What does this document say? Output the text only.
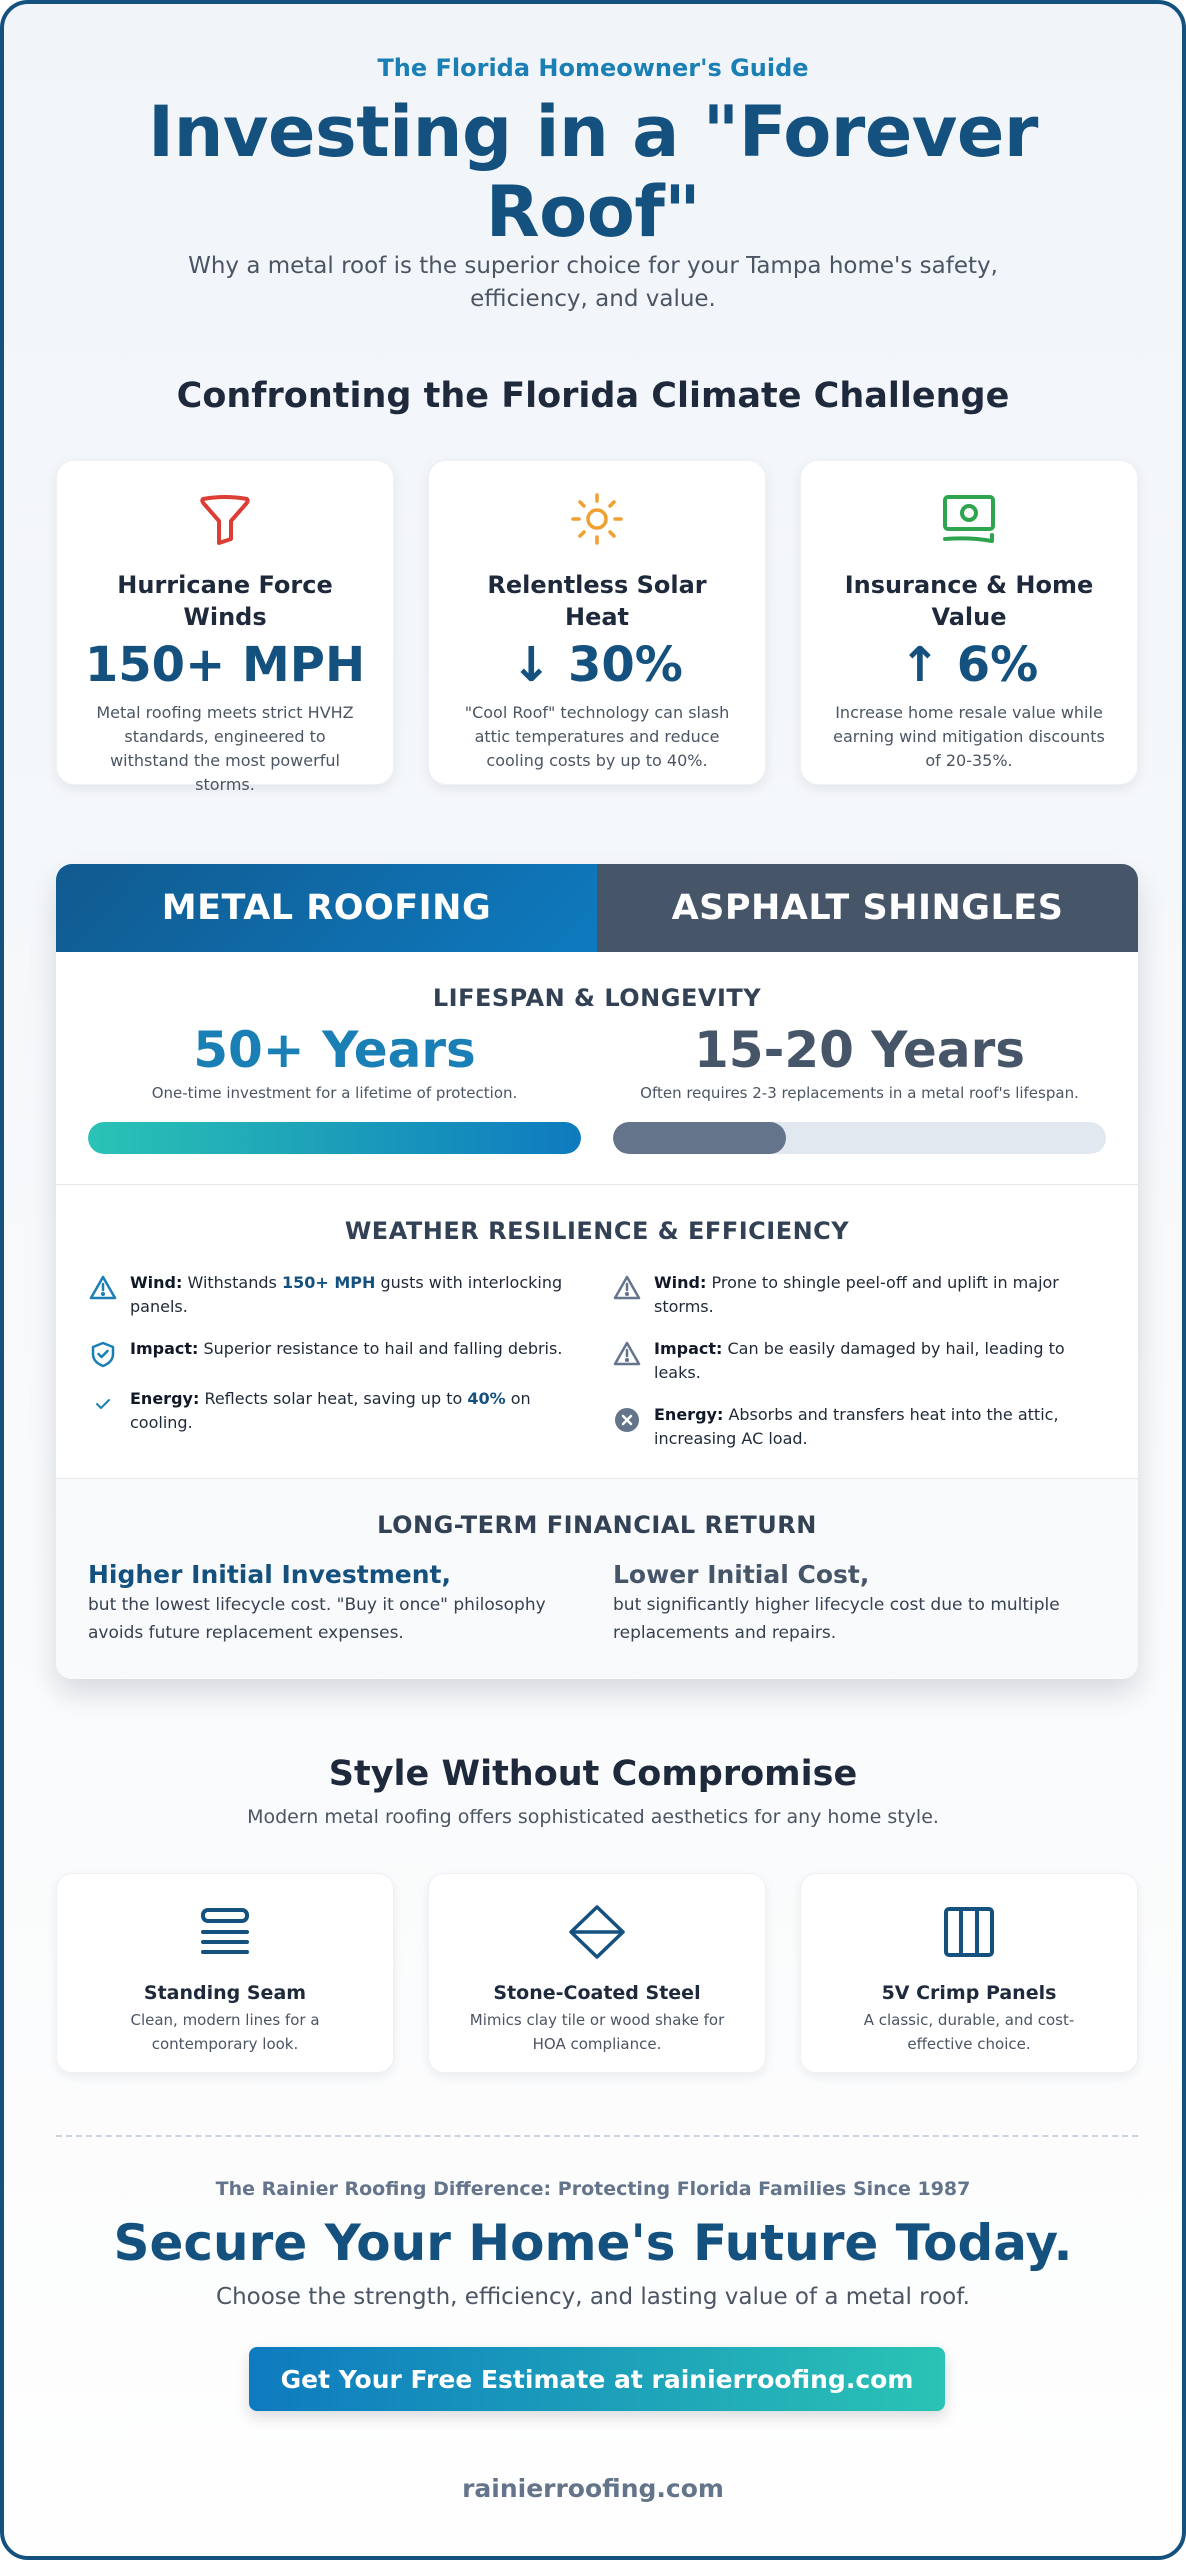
The Florida Homeowner's Guide
Investing in a "Forever Roof"
Why a metal roof is the superior choice for your Tampa home's safety, efficiency, and value.
Confronting the Florida Climate Challenge
Hurricane Force Winds
150+ MPH
Metal roofing meets strict HVHZ standards, engineered to withstand the most powerful storms.
Relentless Solar Heat
↓ 30%
"Cool Roof" technology can slash attic temperatures and reduce cooling costs by up to 40%.
Insurance & Home Value
↑ 6%
Increase home resale value while earning wind mitigation discounts of 20-35%.
METAL ROOFING	ASPHALT SHINGLES
LIFESPAN & LONGEVITY
50+ Years
One-time investment for a lifetime of protection.
15-20 Years
Often requires 2-3 replacements in a metal roof's lifespan.
WEATHER RESILIENCE & EFFICIENCY
Wind: Withstands 150+ MPH gusts with interlocking panels.
Impact: Superior resistance to hail and falling debris.
Energy: Reflects solar heat, saving up to 40% on cooling.
Wind: Prone to shingle peel-off and uplift in major storms.
Impact: Can be easily damaged by hail, leading to leaks.
Energy: Absorbs and transfers heat into the attic, increasing AC load.
LONG-TERM FINANCIAL RETURN
Higher Initial Investment,
but the lowest lifecycle cost. "Buy it once" philosophy avoids future replacement expenses.
Lower Initial Cost,
but significantly higher lifecycle cost due to multiple replacements and repairs.
Style Without Compromise
Modern metal roofing offers sophisticated aesthetics for any home style.
Standing Seam
Clean, modern lines for a contemporary look.
Stone-Coated Steel
Mimics clay tile or wood shake for HOA compliance.
5V Crimp Panels
A classic, durable, and cost-effective choice.
The Rainier Roofing Difference: Protecting Florida Families Since 1987
Secure Your Home's Future Today.
Choose the strength, efficiency, and lasting value of a metal roof.
Get Your Free Estimate at rainierroofing.com
rainierroofing.com
